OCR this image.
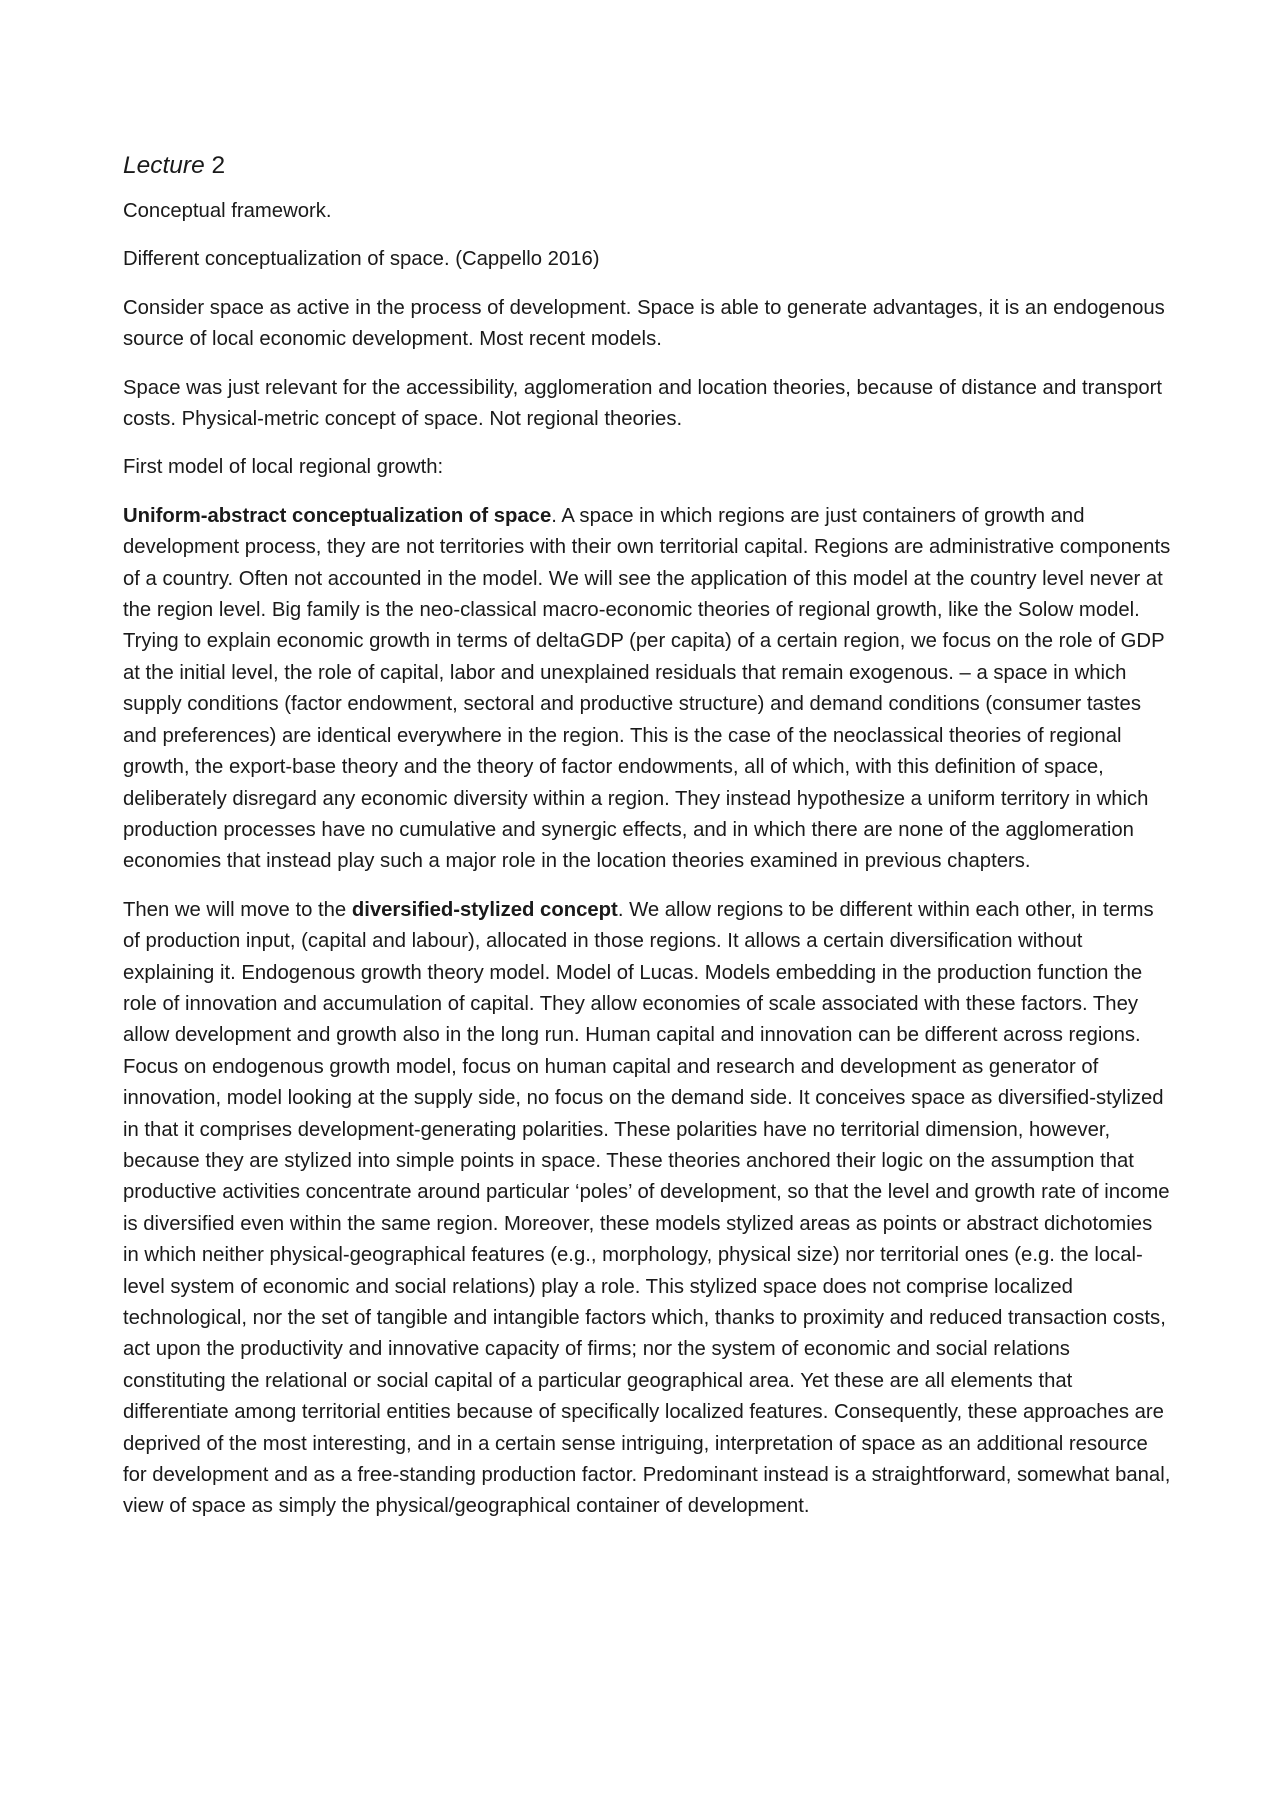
Lecture 2

Conceptual framework.

Different conceptualization of space. (Cappello 2016)

Consider space as active in the process of development. Space is able to generate advantages, it is an endogenous source of local economic development. Most recent models.

Space was just relevant for the accessibility, agglomeration and location theories, because of distance and transport costs. Physical-metric concept of space. Not regional theories.

First model of local regional growth:

Uniform-abstract conceptualization of space. A space in which regions are just containers of growth and development process, they are not territories with their own territorial capital. Regions are administrative components of a country. Often not accounted in the model. We will see the application of this model at the country level never at the region level. Big family is the neo-classical macro-economic theories of regional growth, like the Solow model. Trying to explain economic growth in terms of deltaGDP (per capita) of a certain region, we focus on the role of GDP at the initial level, the role of capital, labor and unexplained residuals that remain exogenous. – a space in which supply conditions (factor endowment, sectoral and productive structure) and demand conditions (consumer tastes and preferences) are identical everywhere in the region. This is the case of the neoclassical theories of regional growth, the export-base theory and the theory of factor endowments, all of which, with this definition of space, deliberately disregard any economic diversity within a region. They instead hypothesize a uniform territory in which production processes have no cumulative and synergic effects, and in which there are none of the agglomeration economies that instead play such a major role in the location theories examined in previous chapters.

Then we will move to the diversified-stylized concept. We allow regions to be different within each other, in terms of production input, (capital and labour), allocated in those regions. It allows a certain diversification without explaining it. Endogenous growth theory model. Model of Lucas. Models embedding in the production function the role of innovation and accumulation of capital. They allow economies of scale associated with these factors. They allow development and growth also in the long run. Human capital and innovation can be different across regions. Focus on endogenous growth model, focus on human capital and research and development as generator of innovation, model looking at the supply side, no focus on the demand side. It conceives space as diversified-stylized in that it comprises development-generating polarities. These polarities have no territorial dimension, however, because they are stylized into simple points in space. These theories anchored their logic on the assumption that productive activities concentrate around particular ‘poles’ of development, so that the level and growth rate of income is diversified even within the same region. Moreover, these models stylized areas as points or abstract dichotomies in which neither physical-geographical features (e.g., morphology, physical size) nor territorial ones (e.g. the local-level system of economic and social relations) play a role. This stylized space does not comprise localized technological, nor the set of tangible and intangible factors which, thanks to proximity and reduced transaction costs, act upon the productivity and innovative capacity of firms; nor the system of economic and social relations constituting the relational or social capital of a particular geographical area. Yet these are all elements that differentiate among territorial entities because of specifically localized features. Consequently, these approaches are deprived of the most interesting, and in a certain sense intriguing, interpretation of space as an additional resource for development and as a free-standing production factor. Predominant instead is a straightforward, somewhat banal, view of space as simply the physical/geographical container of development.
